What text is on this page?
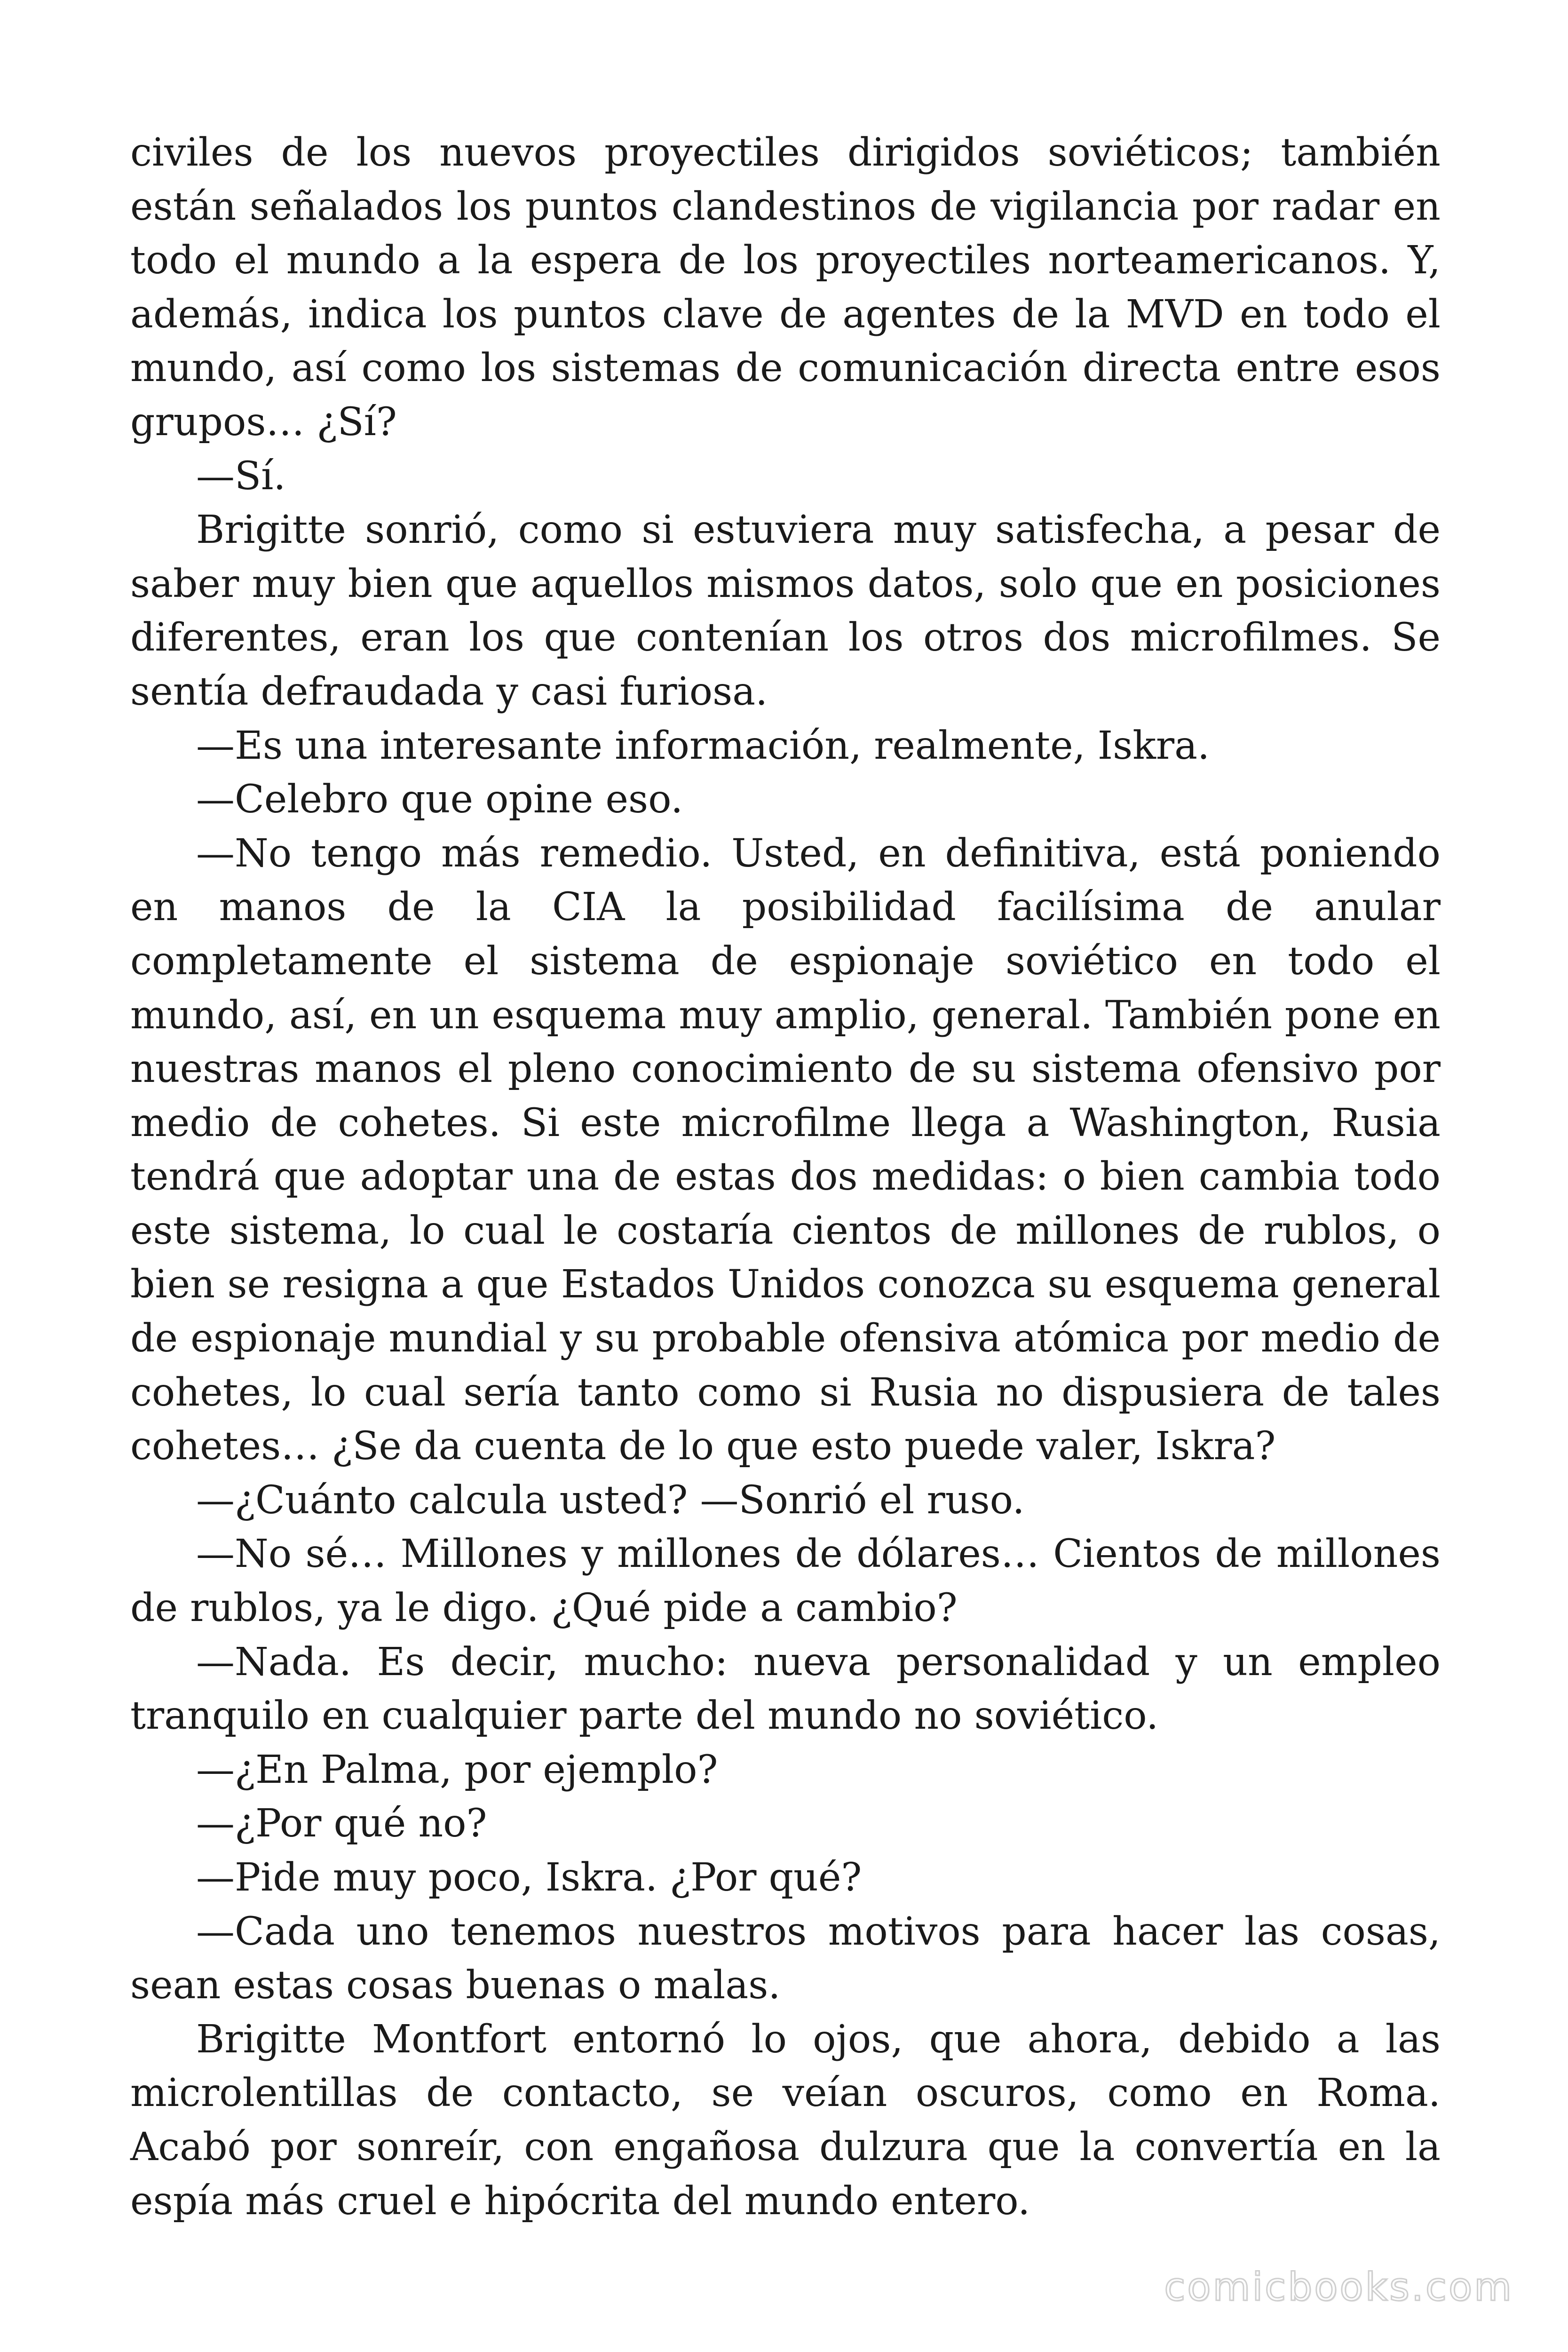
civiles de los nuevos proyectiles dirigidos soviéticos; también están señalados los puntos clandestinos de vigilancia por radar en todo el mundo a la espera de los proyectiles norteamericanos. Y, además, indica los puntos clave de agentes de la MVD en todo el mundo, así como los sistemas de comunicación directa entre esos grupos… ¿Sí?

—Sí.

Brigitte sonrió, como si estuviera muy satisfecha, a pesar de saber muy bien que aquellos mismos datos, solo que en posiciones diferentes, eran los que contenían los otros dos microfilmes. Se sentía defraudada y casi furiosa.

—Es una interesante información, realmente, Iskra.

—Celebro que opine eso.

—No tengo más remedio. Usted, en definitiva, está poniendo en manos de la CIA la posibilidad facilísima de anular completamente el sistema de espionaje soviético en todo el mundo, así, en un esquema muy amplio, general. También pone en nuestras manos el pleno conocimiento de su sistema ofensivo por medio de cohetes. Si este microfilme llega a Washington, Rusia tendrá que adoptar una de estas dos medidas: o bien cambia todo este sistema, lo cual le costaría cientos de millones de rublos, o bien se resigna a que Estados Unidos conozca su esquema general de espionaje mundial y su probable ofensiva atómica por medio de cohetes, lo cual sería tanto como si Rusia no dispusiera de tales cohetes… ¿Se da cuenta de lo que esto puede valer, Iskra?

—¿Cuánto calcula usted? —Sonrió el ruso.

—No sé… Millones y millones de dólares… Cientos de millones de rublos, ya le digo. ¿Qué pide a cambio?

—Nada. Es decir, mucho: nueva personalidad y un empleo tranquilo en cualquier parte del mundo no soviético.

—¿En Palma, por ejemplo?

—¿Por qué no?

—Pide muy poco, Iskra. ¿Por qué?

—Cada uno tenemos nuestros motivos para hacer las cosas, sean estas cosas buenas o malas.

Brigitte Montfort entornó lo ojos, que ahora, debido a las microlentillas de contacto, se veían oscuros, como en Roma. Acabó por sonreír, con engañosa dulzura que la convertía en la espía más cruel e hipócrita del mundo entero.

comicbooks.com
